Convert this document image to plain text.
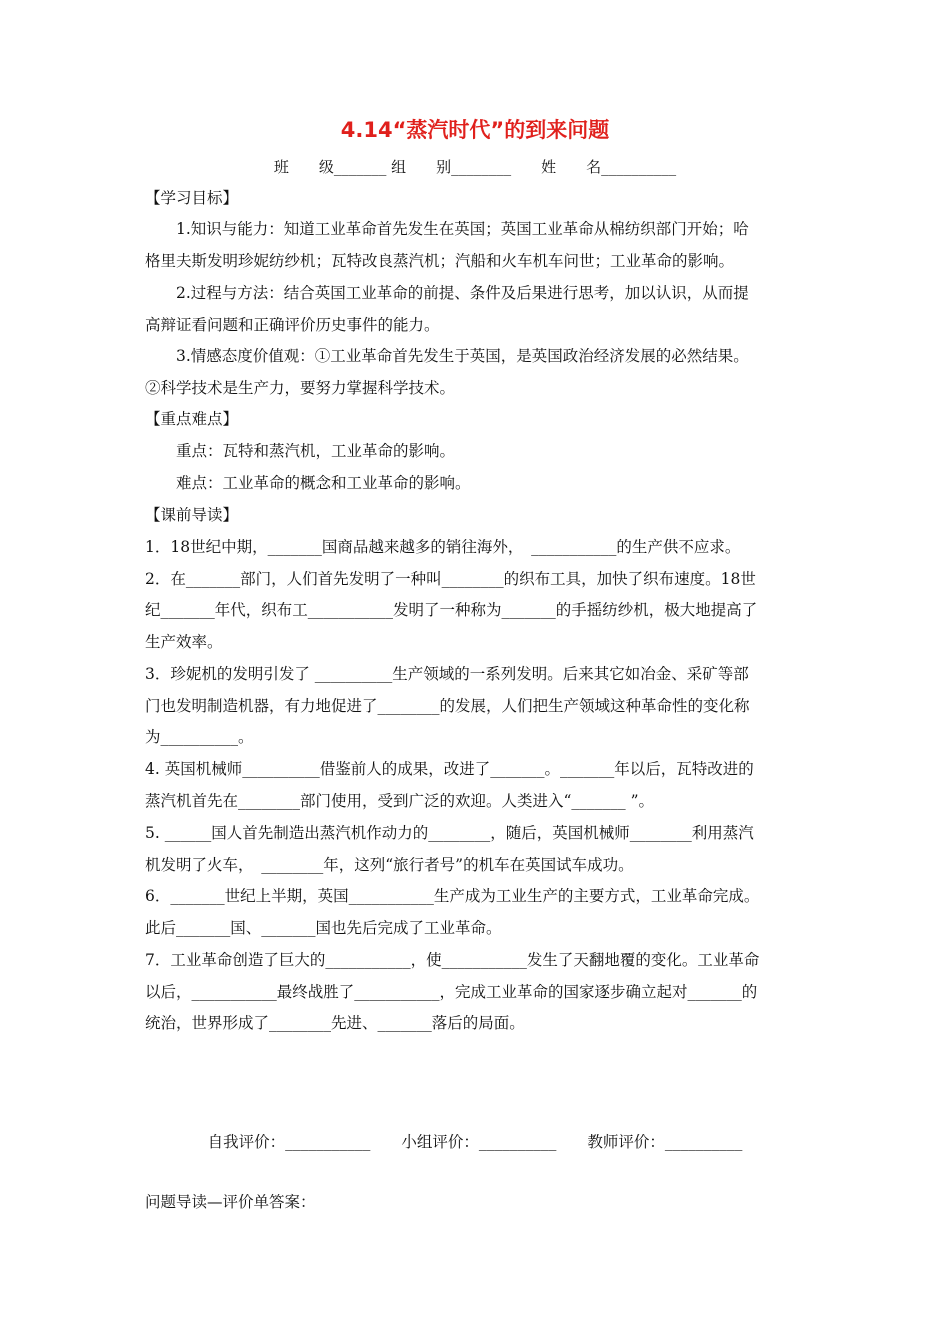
4.14“蒸汽时代”的到来问题
班　　级_______ 组　　别________　　姓　　名__________
【学习目标】
1.知识与能力：知道工业革命首先发生在英国；英国工业革命从棉纺织部门开始；哈
格里夫斯发明珍妮纺纱机；瓦特改良蒸汽机；汽船和火车机车问世；工业革命的影响。
2.过程与方法：结合英国工业革命的前提、条件及后果进行思考，加以认识，从而提
高辩证看问题和正确评价历史事件的能力。
3.情感态度价值观：①工业革命首先发生于英国，是英国政治经济发展的必然结果。
②科学技术是生产力，要努力掌握科学技术。
【重点难点】
重点：瓦特和蒸汽机，工业革命的影响。
难点：工业革命的概念和工业革命的影响。
【课前导读】
1．18世纪中期，_______国商品越来越多的销往海外，　___________的生产供不应求。
2．在_______部门，人们首先发明了一种叫________的织布工具，加快了织布速度。18世
纪_______年代，织布工___________发明了一种称为_______的手摇纺纱机，极大地提高了
生产效率。
3．珍妮机的发明引发了 __________生产领域的一系列发明。后来其它如冶金、采矿等部
门也发明制造机器，有力地促进了________的发展，人们把生产领域这种革命性的变化称
为__________。
4. 英国机械师__________借鉴前人的成果，改进了_______。_______年以后，瓦特改进的
蒸汽机首先在________部门使用，受到广泛的欢迎。人类进入“_______ ”。
5. ______国人首先制造出蒸汽机作动力的________，随后，英国机械师________利用蒸汽
机发明了火车，　________年，这列“旅行者号”的机车在英国试车成功。
6．_______世纪上半期，英国___________生产成为工业生产的主要方式，工业革命完成。
此后_______国、_______国也先后完成了工业革命。
7．工业革命创造了巨大的___________，使___________发生了天翻地覆的变化。工业革命
以后，___________最终战胜了___________，完成工业革命的国家逐步确立起对_______的
统治，世界形成了________先进、_______落后的局面。
自我评价：___________　　小组评价：__________　　教师评价：__________
问题导读—评价单答案：
